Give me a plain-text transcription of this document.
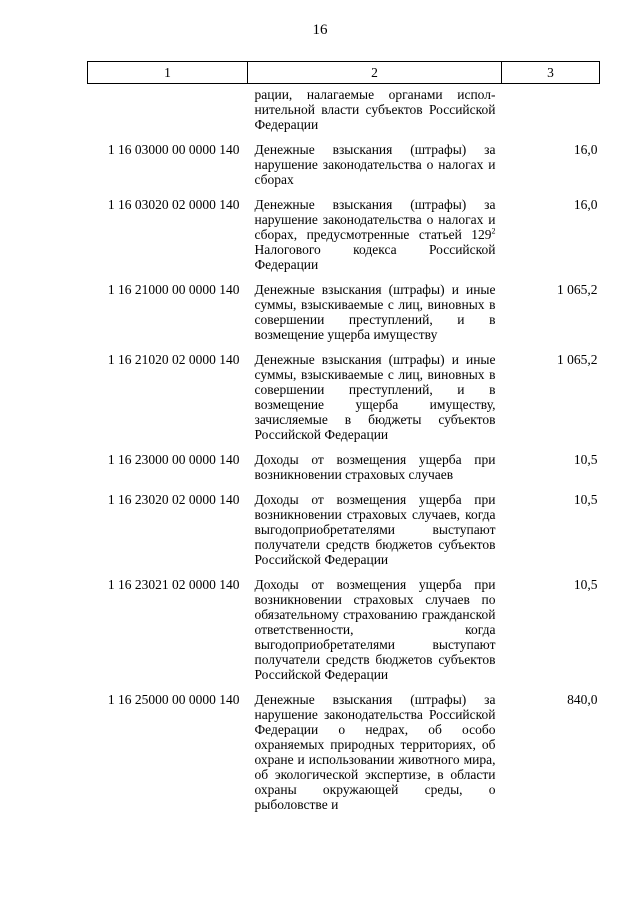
16
1	2	3
	рации, налагаемые органами исполнительной власти субъектов Российской Федерации	
1 16 03000 00 0000 140	Денежные взыскания (штрафы) за нарушение законодательства о налогах и сборах	16,0
1 16 03020 02 0000 140	Денежные взыскания (штрафы) за нарушение законодательства о налогах и сборах, предусмотренные статьей $129^2$ Налогового кодекса Российской Федерации	16,0
1 16 21000 00 0000 140	Денежные взыскания (штрафы) и иные суммы, взыскиваемые с лиц, виновных в совершении преступлений, и в возмещение ущерба имуществу	1 065,2
1 16 21020 02 0000 140	Денежные взыскания (штрафы) и иные суммы, взыскиваемые с лиц, виновных в совершении преступлений, и в возмещение ущерба имуществу, зачисляемые в бюджеты субъектов Российской Федерации	1 065,2
1 16 23000 00 0000 140	Доходы от возмещения ущерба при возникновении страховых случаев	10,5
1 16 23020 02 0000 140	Доходы от возмещения ущерба при возникновении страховых случаев, когда выгодоприобретателями выступают получатели средств бюджетов субъектов Российской Федерации	10,5
1 16 23021 02 0000 140	Доходы от возмещения ущерба при возникновении страховых случаев по обязательному страхованию гражданской ответственности, когда выгодоприобретателями выступают получатели средств бюджетов субъектов Российской Федерации	10,5
1 16 25000 00 0000 140	Денежные взыскания (штрафы) за нарушение законодательства Российской Федерации о недрах, об особо охраняемых природных территориях, об охране и использовании животного мира, об экологической экспертизе, в области охраны окружающей среды, о рыболовстве и	840,0
